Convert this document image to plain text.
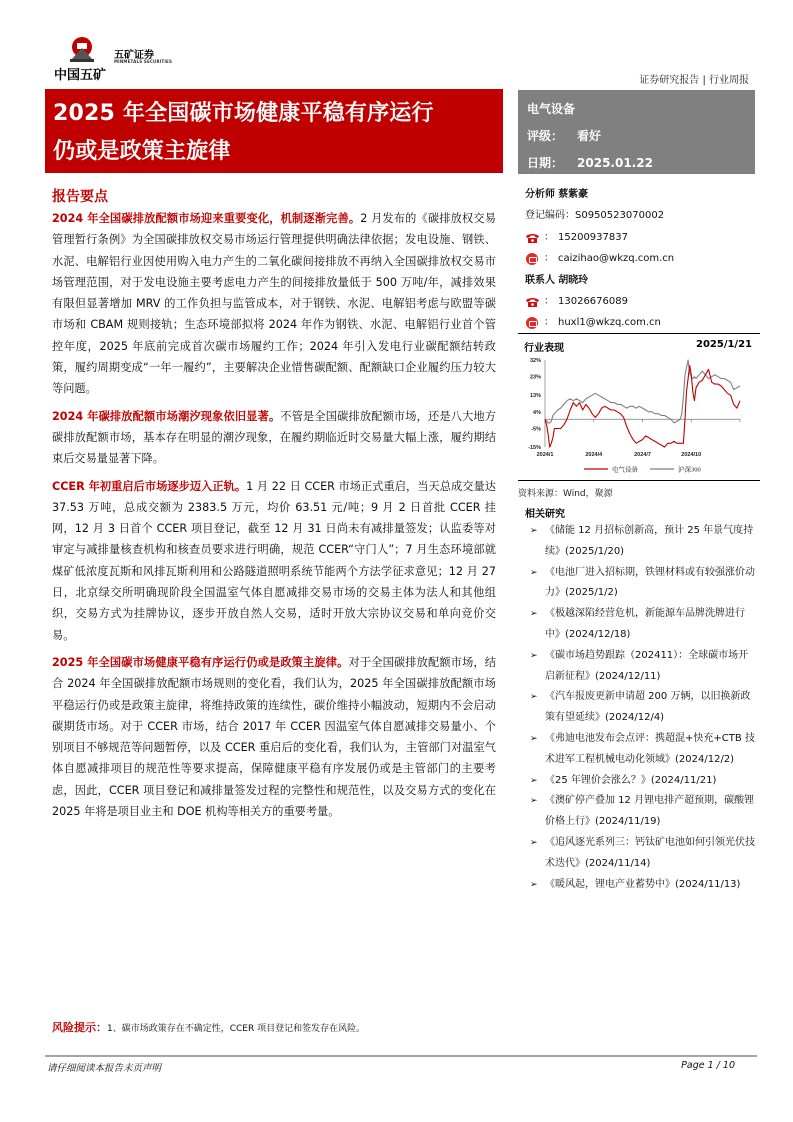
中国五矿
五矿证券
MINMETALS SECURITIES
证券研究报告 | 行业周报
2025 年全国碳市场健康平稳有序运行
仍或是政策主旋律
电气设备
评级： 看好
日期： 2025.01.22
报告要点

2024 年全国碳排放配额市场迎来重要变化，机制逐渐完善。2 月发布的《碳排放权交易管理暂行条例》为全国碳排放权交易市场运行管理提供明确法律依据；发电设施、钢铁、水泥、电解铝行业因使用购入电力产生的二氧化碳间接排放不再纳入全国碳排放权交易市场管理范围，对于发电设施主要考虑电力产生的间接排放量低于 500 万吨/年，减排效果有限但显著增加 MRV 的工作负担与监管成本，对于钢铁、水泥、电解铝考虑与欧盟等碳市场和 CBAM 规则接轨；生态环境部拟将 2024 年作为钢铁、水泥、电解铝行业首个管控年度，2025 年底前完成首次碳市场履约工作；2024 年引入发电行业碳配额结转政策，履约周期变成“一年一履约”，主要解决企业惜售碳配额、配额缺口企业履约压力较大等问题。

2024 年碳排放配额市场潮汐现象依旧显著。不管是全国碳排放配额市场，还是八大地方碳排放配额市场，基本存在明显的潮汐现象，在履约期临近时交易量大幅上涨，履约期结束后交易量显著下降。

CCER 年初重启后市场逐步迈入正轨。1 月 22 日 CCER 市场正式重启，当天总成交量达 37.53 万吨，总成交额为 2383.5 万元，均价 63.51 元/吨；9 月 2 日首批 CCER 挂网，12 月 3 日首个 CCER 项目登记，截至 12 月 31 日尚未有减排量签发；认监委等对审定与减排量核查机构和核查员要求进行明确，规范 CCER“守门人”；7 月生态环境部就煤矿低浓度瓦斯和风排瓦斯利用和公路隧道照明系统节能两个方法学征求意见；12 月 27 日，北京绿交所明确现阶段全国温室气体自愿减排交易市场的交易主体为法人和其他组织，交易方式为挂牌协议，逐步开放自然人交易，适时开放大宗协议交易和单向竞价交易。

2025 年全国碳市场健康平稳有序运行仍或是政策主旋律。对于全国碳排放配额市场，结合 2024 年全国碳排放配额市场规则的变化看，我们认为，2025 年全国碳排放配额市场平稳运行仍或是政策主旋律，将维持政策的连续性，碳价维持小幅波动，短期内不会启动碳期货市场。对于 CCER 市场，结合 2017 年 CCER 因温室气体自愿减排交易量小、个别项目不够规范等问题暂停，以及 CCER 重启后的变化看，我们认为，主管部门对温室气体自愿减排项目的规范性等要求提高，保障健康平稳有序发展仍或是主管部门的主要考虑，因此，CCER 项目登记和减排量签发过程的完整性和规范性，以及交易方式的变化在 2025 年将是项目业主和 DOE 机构等相关方的重要考量。

分析师
蔡紫豪
登记编码： S0950523070002
： 15200937837
： caizihao@wkzq.com.cn
联系人
胡晓玲
： 13026676089
： huxl1@wkzq.com.cn
行业表现	2025/1/21
32%
23%
13%
4%
-5%
-15%
2024/1	2024/4	2024/7	2024/10
电气设备	沪深300
资料来源：Wind，聚源
相关研究
➢ 《储能 12 月招标创新高，预计 25 年景气度持续》(2025/1/20)
➢ 《电池厂进入招标期，铁锂材料或有较强涨价动力》(2025/1/2)
➢ 《极越深陷经营危机，新能源车品牌洗牌进行中》(2024/12/18)
➢ 《碳市场趋势跟踪（202411）：全球碳市场开启新征程》(2024/12/11)
➢ 《汽车报废更新申请超 200 万辆，以旧换新政策有望延续》(2024/12/4)
➢ 《弗迪电池发布会点评：携超混+快充+CTB 技术进军工程机械电动化领域》(2024/12/2)
➢ 《25 年锂价会涨么？》(2024/11/21)
➢ 《澳矿停产叠加 12 月锂电排产超预期，碳酸锂价格上行》(2024/11/19)
➢ 《追风逐光系列三：钙钛矿电池如何引领光伏技术迭代》(2024/11/14)
➢ 《暖风起，锂电产业蓄势中》(2024/11/13)
风险提示：1、碳市场政策存在不确定性，CCER 项目登记和签发存在风险。
请仔细阅读本报告末页声明	Page 1 / 10
